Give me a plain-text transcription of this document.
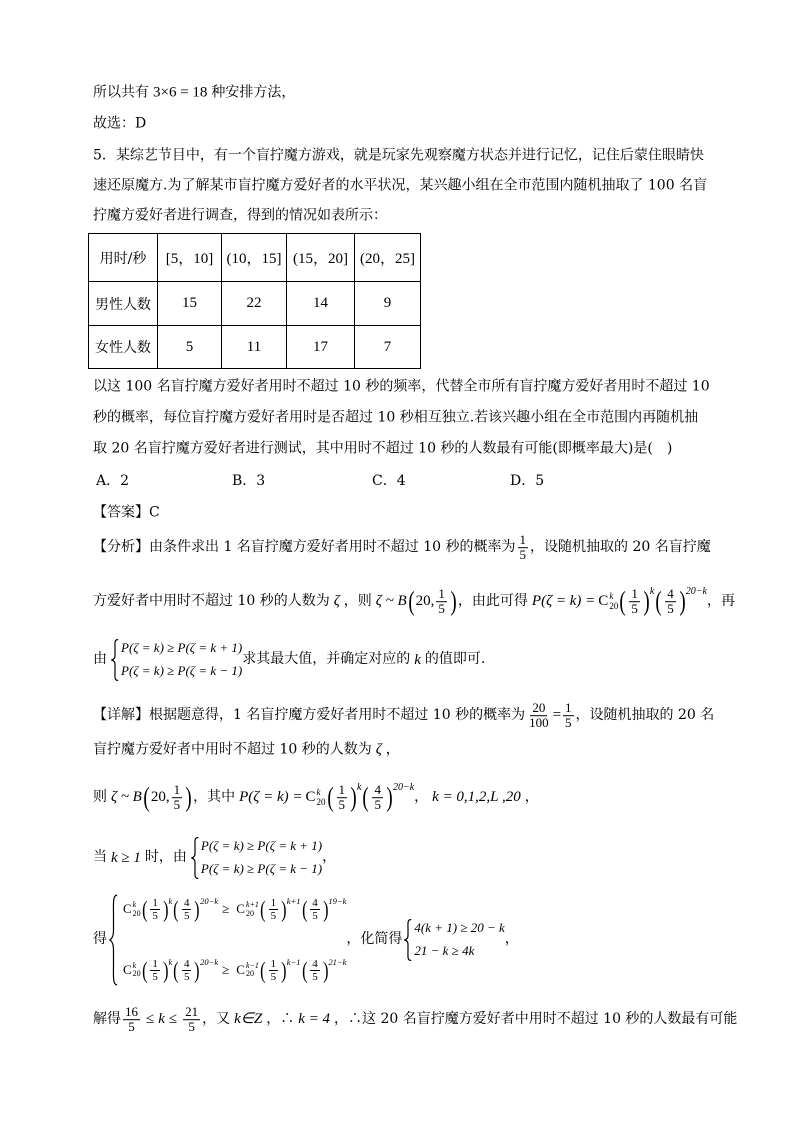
所以共有 3×6 = 18 种安排方法，
故选：D
5． 某综艺节目中，有一个盲拧魔方游戏，就是玩家先观察魔方状态并进行记忆，记住后蒙住眼睛快
速还原魔方.为了解某市盲拧魔方爱好者的水平状况，某兴趣小组在全市范围内随机抽取了 100 名盲
拧魔方爱好者进行调查，得到的情况如表所示：
用时/秒	[5，10]	(10，15]	(15，20]	(20，25]
男性人数	15	22	14	9
女性人数	5	11	17	7
以这 100 名盲拧魔方爱好者用时不超过 10 秒的频率，代替全市所有盲拧魔方爱好者用时不超过 10
秒的概率，每位盲拧魔方爱好者用时是否超过 10 秒相互独立.若该兴趣小组在全市范围内再随机抽
取 20 名盲拧魔方爱好者进行测试，其中用时不超过 10 秒的人数最有可能(即概率最大)是(　)
A．2	B．3	C．4	D．5
【答案】 C
【分析】 由条件求出 1 名盲拧魔方爱好者用时不超过 10 秒的概率为 $\frac{1}{5}$ ，设随机抽取的 20 名盲拧魔
方爱好者中用时不超过 10 秒的人数为 ζ ，则 ζ ~ B ( 20, $\frac{1}{5}$ ) ，由此可得 P(ζ = k) = C k
20 ( $\frac{1}{5}$ ) k ( $\frac{4}{5}$ ) 20−k
，再
由
P(ζ = k) ≥ P(ζ = k + 1)
P(ζ = k) ≥ P(ζ = k − 1)
求其最大值，并确定对应的 k 的值即可.
【详解】 根据题意得，1 名盲拧魔方爱好者用时不超过 10 秒的概率为 $\frac{20}{100} = \frac{1}{5}$ ，设随机抽取的 20 名
盲拧魔方爱好者中用时不超过 10 秒的人数为 ζ ，
则 ζ ~ B ( 20, $\frac{1}{5}$ ) ，其中 P(ζ = k) = C k
20 ( $\frac{1}{5}$ ) k ( $\frac{4}{5}$ ) 20−k
， k = 0,1,2,L ,20 ，
当 k ≥ 1 时，由
P(ζ = k) ≥ P(ζ = k + 1)
P(ζ = k) ≥ P(ζ = k − 1)
，
得
C k
20 ( $\frac{1}{5}$ ) k ( $\frac{4}{5}$ ) 20−k
≥ C k+1
20 ( $\frac{1}{5}$ ) k+1 ( $\frac{4}{5}$ ) 19−k
C k
20 ( $\frac{1}{5}$ ) k ( $\frac{4}{5}$ ) 20−k
≥ C k−1
20 ( $\frac{1}{5}$ ) k−1 ( $\frac{4}{5}$ ) 21−k
，化简得
4(k + 1) ≥ 20 − k
21 − k ≥ 4k
，
解得 $\frac{16}{5} \le k \le \frac{21}{5}$ ，又 k∈Z ，∴ k = 4 ，∴这 20 名盲拧魔方爱好者中用时不超过 10 秒的人数最有可能
